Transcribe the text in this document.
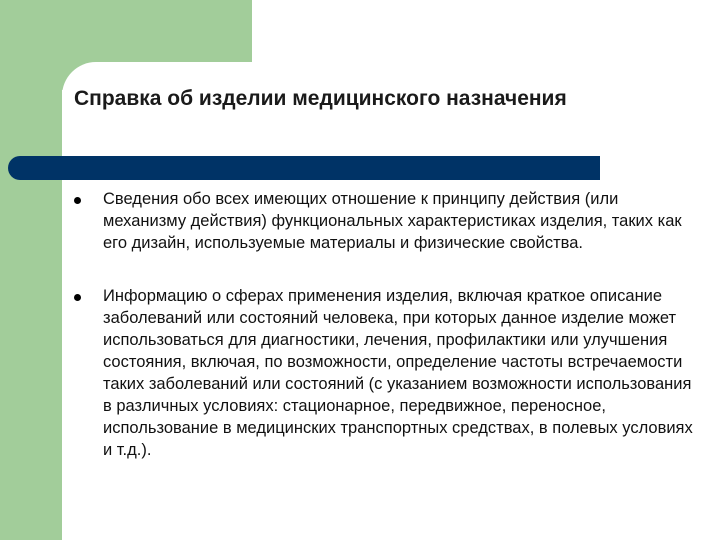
Справка об изделии медицинского назначения
Сведения обо всех имеющих отношение к принципу действия (или механизму действия) функциональных характеристиках изделия, таких как его дизайн, используемые материалы и физические свойства.
Информацию о сферах применения изделия, включая краткое описание заболеваний или состояний человека, при которых данное изделие может использоваться для диагностики, лечения, профилактики или улучшения состояния, включая, по возможности, определение частоты встречаемости таких заболеваний или состояний (с указанием возможности использования в различных условиях: стационарное, передвижное, переносное, использование в медицинских транспортных средствах, в полевых условиях и т.д.).
